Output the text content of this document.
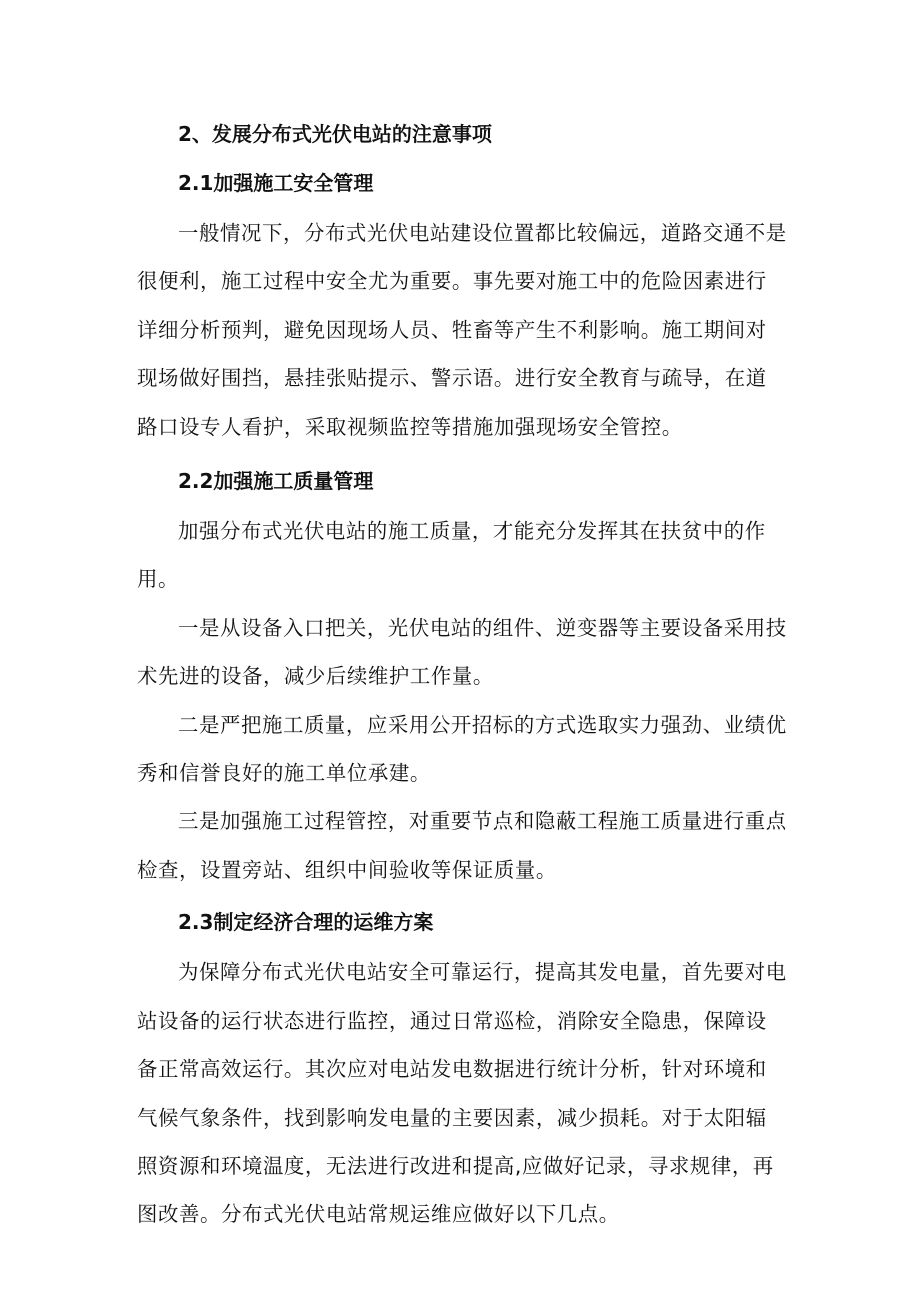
2、发展分布式光伏电站的注意事项
2.1加强施工安全管理

一般情况下，分布式光伏电站建设位置都比较偏远，道路交通不是很便利，施工过程中安全尤为重要。事先要对施工中的危险因素进行详细分析预判，避免因现场人员、牲畜等产生不利影响。施工期间对现场做好围挡，悬挂张贴提示、警示语。进行安全教育与疏导，在道路口设专人看护，采取视频监控等措施加强现场安全管控。

2.2加强施工质量管理

加强分布式光伏电站的施工质量，才能充分发挥其在扶贫中的作用。

一是从设备入口把关，光伏电站的组件、逆变器等主要设备采用技术先进的设备，减少后续维护工作量。

二是严把施工质量，应采用公开招标的方式选取实力强劲、业绩优秀和信誉良好的施工单位承建。

三是加强施工过程管控，对重要节点和隐蔽工程施工质量进行重点检查，设置旁站、组织中间验收等保证质量。

2.3制定经济合理的运维方案

为保障分布式光伏电站安全可靠运行，提高其发电量，首先要对电站设备的运行状态进行监控，通过日常巡检，消除安全隐患，保障设备正常高效运行。其次应对电站发电数据进行统计分析，针对环境和气候气象条件，找到影响发电量的主要因素，减少损耗。对于太阳辐照资源和环境温度，无法进行改进和提高,应做好记录，寻求规律，再图改善。分布式光伏电站常规运维应做好以下几点。
